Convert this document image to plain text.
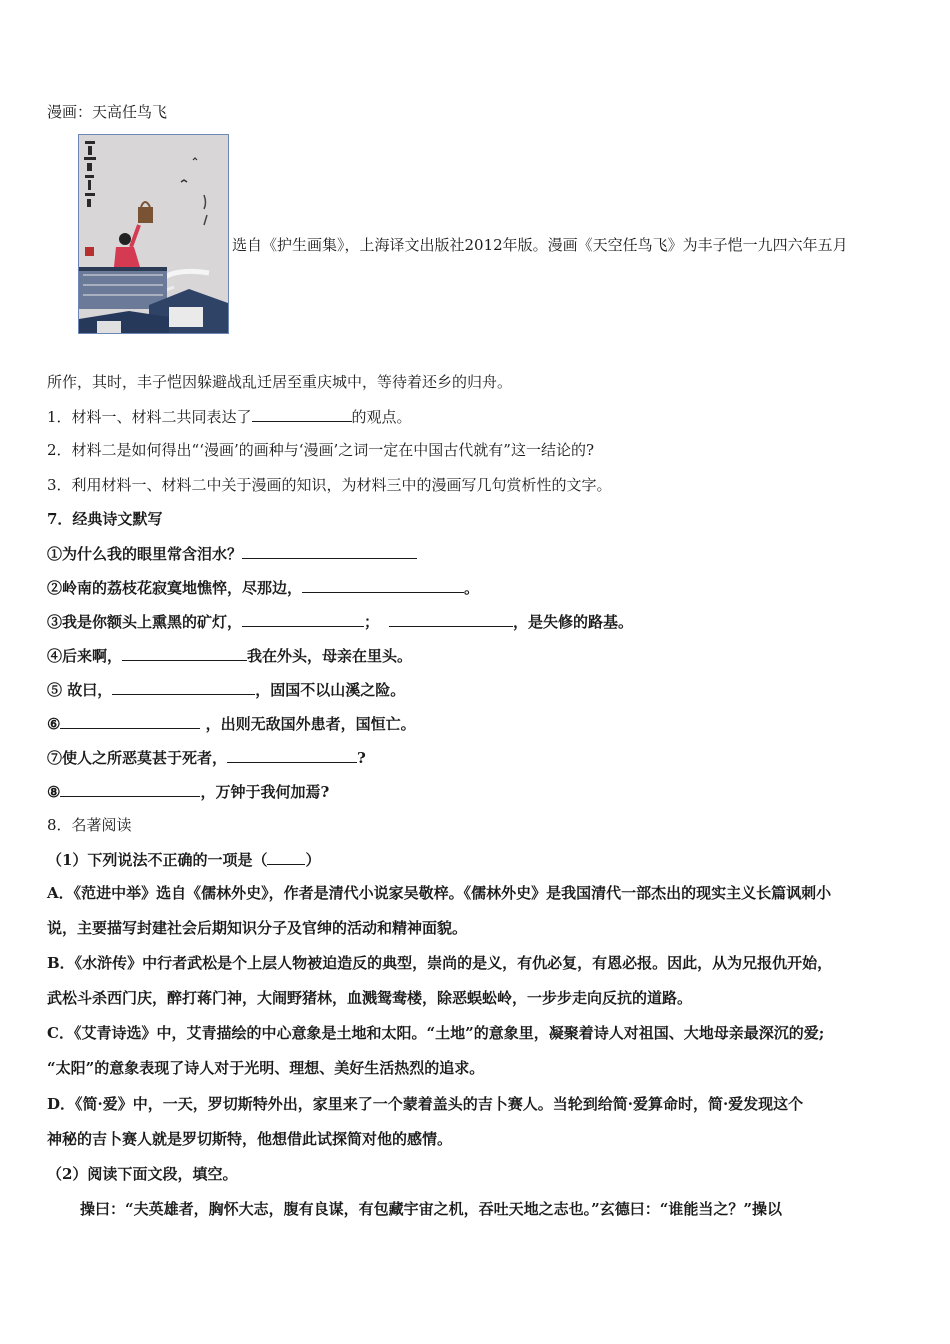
漫画：天高任鸟飞
选自《护生画集》，上海译文出版社2012年版。漫画《天空任鸟飞》为丰子恺一九四六年五月
所作，其时，丰子恺因躲避战乱迁居至重庆城中，等待着还乡的归舟。
1．材料一、材料二共同表达了	的观点。
2．材料二是如何得出“‘漫画’的画种与‘漫画’之词一定在中国古代就有”这一结论的?
3．利用材料一、材料二中关于漫画的知识，为材料三中的漫画写几句赏析性的文字。
7．经典诗文默写
①为什么我的眼里常含泪水？
②岭南的荔枝花寂寞地憔悴，尽那边，	。
③我是你额头上熏黑的矿灯，	；	，是失修的路基。
④后来啊，	我在外头，母亲在里头。
⑤ 故曰，	，固国不以山溪之险。
⑥	，出则无敌国外患者，国恒亡。
⑦使人之所恶莫甚于死者，	?
⑧	，万钟于我何加焉?
8．名著阅读
（1）下列说法不正确的一项是（	）
A．《范进中举》选自《儒林外史》，作者是清代小说家吴敬梓。《儒林外史》是我国清代一部杰出的现实主义长篇讽刺小
说，主要描写封建社会后期知识分子及官绅的活动和精神面貌。
B．《水浒传》中行者武松是个上层人物被迫造反的典型，崇尚的是义，有仇必复，有恩必报。因此，从为兄报仇开始，
武松斗杀西门庆，醉打蒋门神，大闹野猪林，血溅鸳鸯楼，除恶蜈蚣岭，一步步走向反抗的道路。
C．《艾青诗选》中，艾青描绘的中心意象是土地和太阳。“土地”的意象里，凝聚着诗人对祖国、大地母亲最深沉的爱;
“太阳”的意象表现了诗人对于光明、理想、美好生活热烈的追求。
D．《简·爱》中，一天，罗切斯特外出，家里来了一个蒙着盖头的吉卜赛人。当轮到给简·爱算命时，简·爱发现这个
神秘的吉卜赛人就是罗切斯特，他想借此试探简对他的感情。
（2）阅读下面文段，填空。
操曰：“夫英雄者，胸怀大志，腹有良谋，有包藏宇宙之机，吞吐天地之志也。”玄德曰：“谁能当之？”操以
